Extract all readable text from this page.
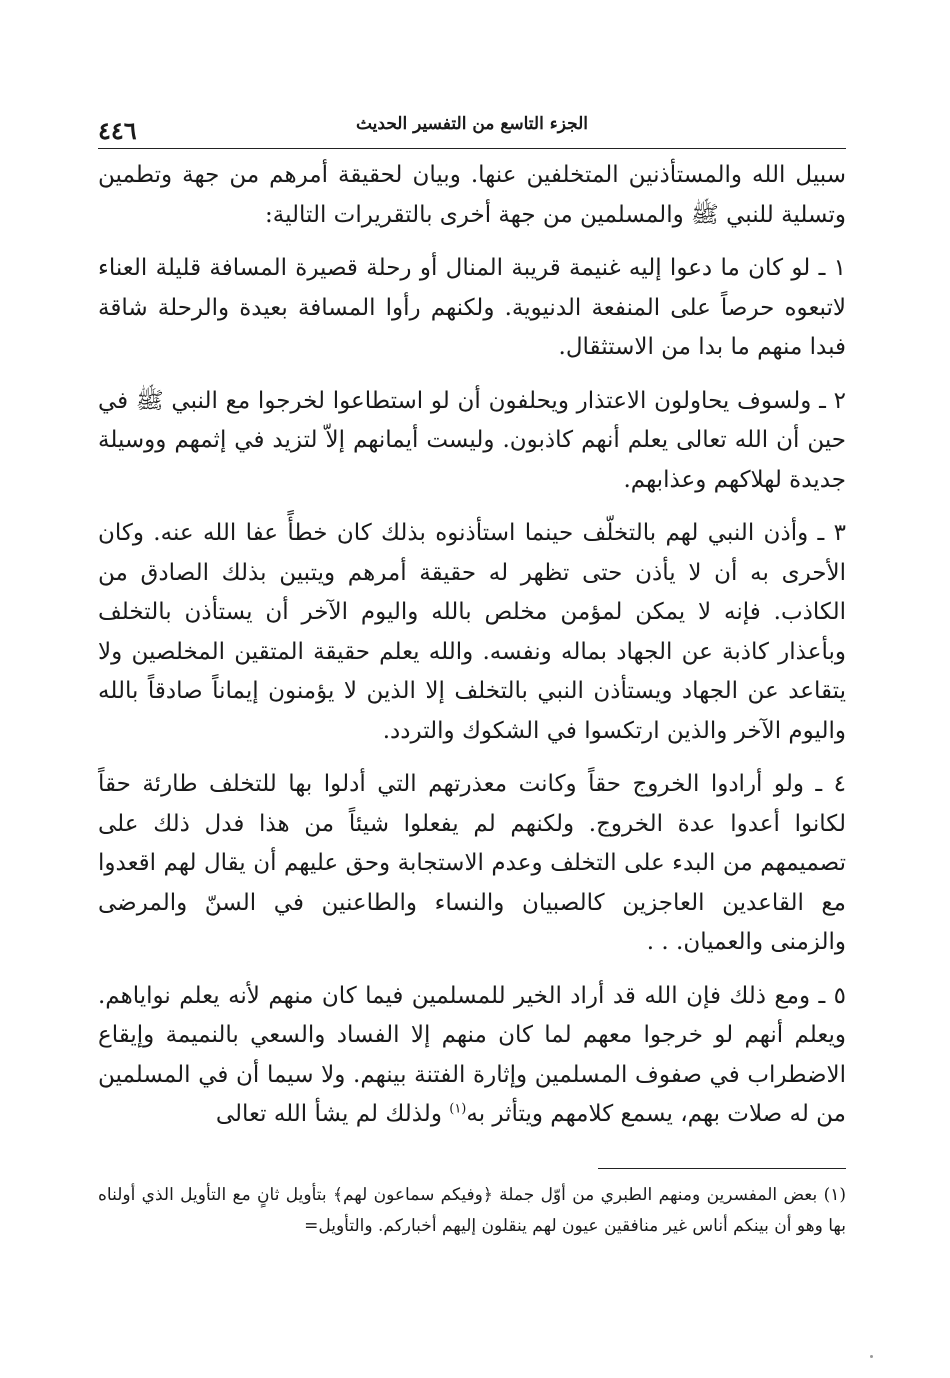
٤٤٦	الجزء التاسع من التفسير الحديث

سبيل الله والمستأذنين المتخلفين عنها. وبيان لحقيقة أمرهم من جهة وتطمين وتسلية للنبي ﷺ والمسلمين من جهة أخرى بالتقريرات التالية:

١ ـ لو كان ما دعوا إليه غنيمة قريبة المنال أو رحلة قصيرة المسافة قليلة العناء لاتبعوه حرصاً على المنفعة الدنيوية. ولكنهم رأوا المسافة بعيدة والرحلة شاقة فبدا منهم ما بدا من الاستثقال.

٢ ـ ولسوف يحاولون الاعتذار ويحلفون أن لو استطاعوا لخرجوا مع النبي ﷺ في حين أن الله تعالى يعلم أنهم كاذبون. وليست أيمانهم إلاّ لتزيد في إثمهم ووسيلة جديدة لهلاكهم وعذابهم.

٣ ـ وأذن النبي لهم بالتخلّف حينما استأذنوه بذلك كان خطأً عفا الله عنه. وكان الأحرى به أن لا يأذن حتى تظهر له حقيقة أمرهم ويتبين بذلك الصادق من الكاذب. فإنه لا يمكن لمؤمن مخلص بالله واليوم الآخر أن يستأذن بالتخلف وبأعذار كاذبة عن الجهاد بماله ونفسه. والله يعلم حقيقة المتقين المخلصين ولا يتقاعد عن الجهاد ويستأذن النبي بالتخلف إلا الذين لا يؤمنون إيماناً صادقاً بالله واليوم الآخر والذين ارتكسوا في الشكوك والتردد.

٤ ـ ولو أرادوا الخروج حقاً وكانت معذرتهم التي أدلوا بها للتخلف طارئة حقاً لكانوا أعدوا عدة الخروج. ولكنهم لم يفعلوا شيئاً من هذا فدل ذلك على تصميمهم من البدء على التخلف وعدم الاستجابة وحق عليهم أن يقال لهم اقعدوا مع القاعدين العاجزين كالصبيان والنساء والطاعنين في السنّ والمرضى والزمنى والعميان. . .

٥ ـ ومع ذلك فإن الله قد أراد الخير للمسلمين فيما كان منهم لأنه يعلم نواياهم. ويعلم أنهم لو خرجوا معهم لما كان منهم إلا الفساد والسعي بالنميمة وإيقاع الاضطراب في صفوف المسلمين وإثارة الفتنة بينهم. ولا سيما أن في المسلمين من له صلات بهم، يسمع كلامهم ويتأثر به$^{(١)}$ ولذلك لم يشأ الله تعالى

(١) بعض المفسرين ومنهم الطبري من أوّل جملة ﴿وفيكم سماعون لهم﴾ بتأويل ثانٍ مع التأويل الذي أولناه بها وهو أن بينكم أناس غير منافقين عيون لهم ينقلون إليهم أخباركم. والتأويل=
